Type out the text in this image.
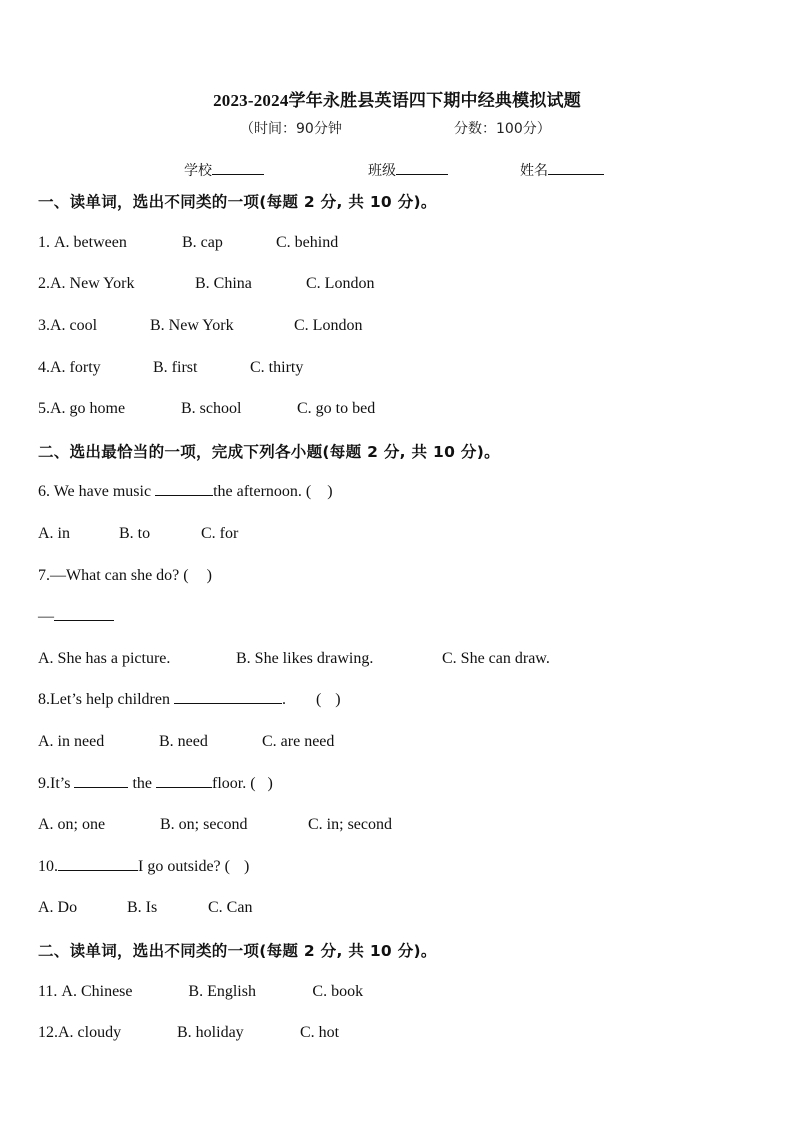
2023-2024学年永胜县英语四下期中经典模拟试题
（时间：90分钟	分数：100分）
学校	班级	姓名
一、读单词，选出不同类的一项(每题 2 分, 共 10 分)。
1. A. between	B. cap	C. behind
2.A. New York	B. China	C. London
3.A. cool	B. New York	C. London
4.A. forty	B. first	C. thirty
5.A. go home	B. school	C. go to bed
二、选出最恰当的一项，完成下列各小题(每题 2 分, 共 10 分)。
6. We have music	the afternoon. ( )
A. in	B. to	C. for
7.—What can she do? ( )
—
A. She has a picture.	B. She likes drawing.	C. She can draw.
8.Let’s help children	. ( )
A. in need	B. need	C. are need
9.It’s	the	floor. ( )
A. on; one	B. on; second	C. in; second
10.	I go outside? ( )
A. Do	B. Is	C. Can
二、读单词，选出不同类的一项(每题 2 分, 共 10 分)。
11. A. Chinese	B. English	C. book
12.A. cloudy	B. holiday	C. hot
